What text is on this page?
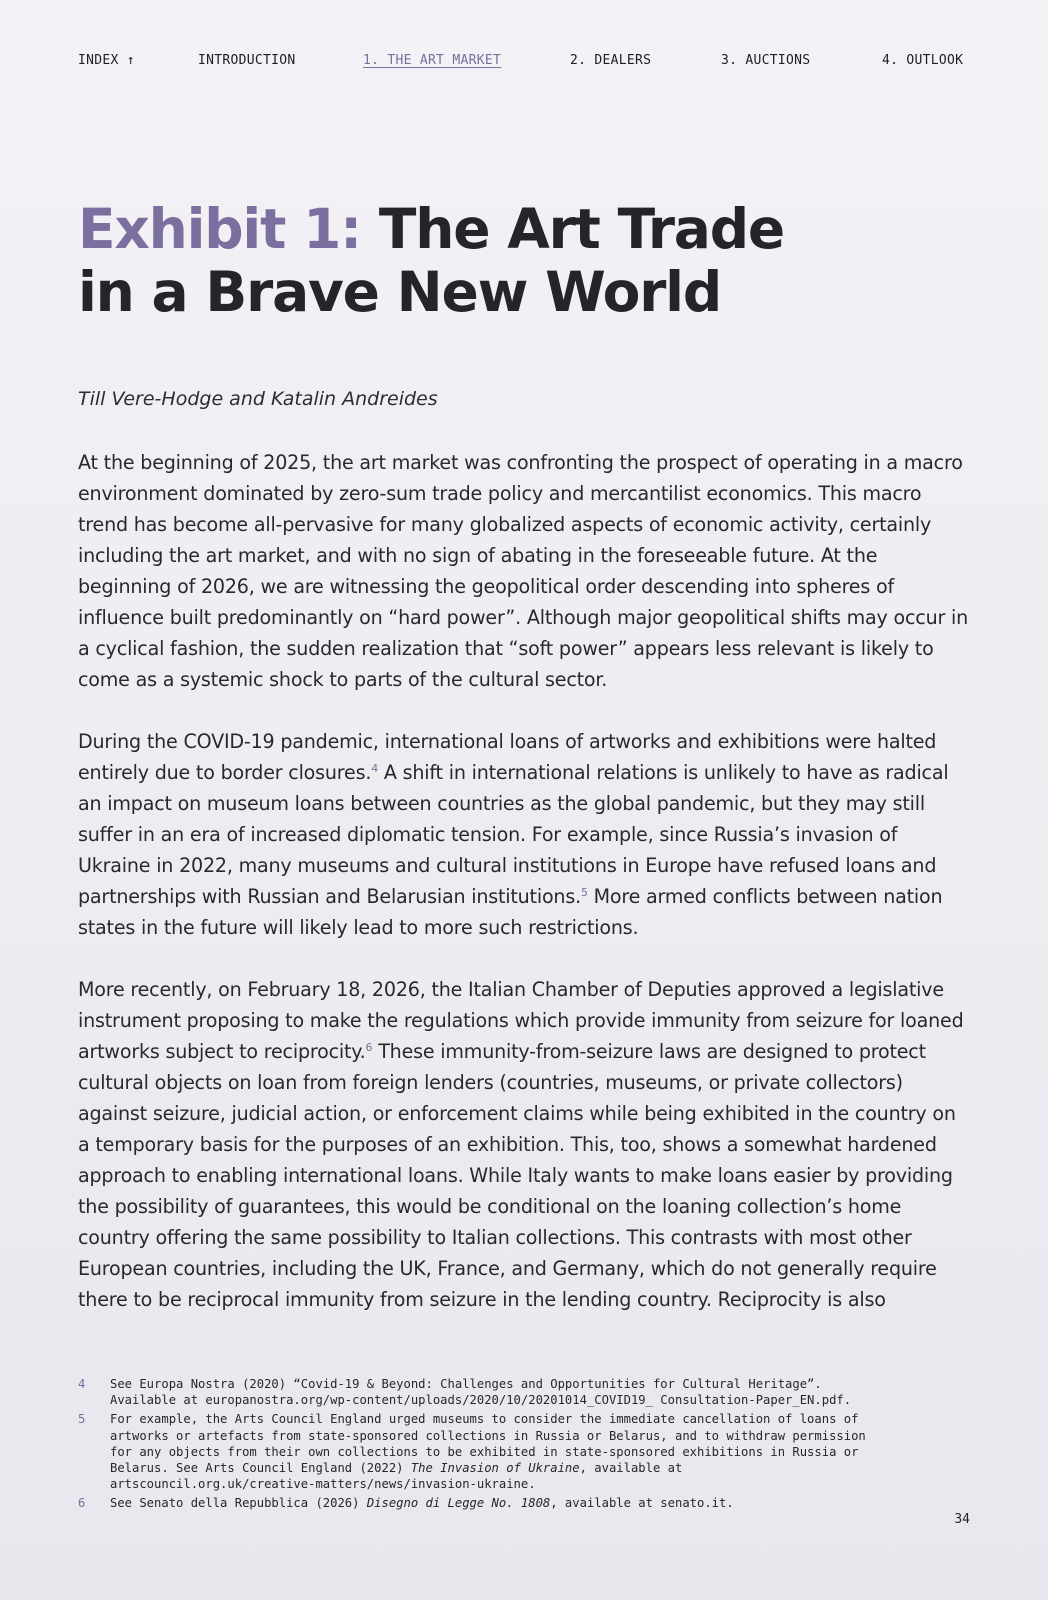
INDEX ↑	INTRODUCTION	1. THE ART MARKET	2. DEALERS	3. AUCTIONS	4. OUTLOOK
Exhibit 1: The Art Trade
in a Brave New World

Till Vere-Hodge and Katalin Andreides

At the beginning of 2025, the art market was confronting the prospect of operating in a macro environment dominated by zero-sum trade policy and mercantilist economics. This macro trend has become all-pervasive for many globalized aspects of economic activity, certainly including the art market, and with no sign of abating in the foreseeable future. At the beginning of 2026, we are witnessing the geopolitical order descending into spheres of influence built predominantly on “hard power”. Although major geopolitical shifts may occur in a cyclical fashion, the sudden realization that “soft power” appears less relevant is likely to come as a systemic shock to parts of the cultural sector.

During the COVID-19 pandemic, international loans of artworks and exhibitions were halted entirely due to border closures.$^4$ A shift in international relations is unlikely to have as radical an impact on museum loans between countries as the global pandemic, but they may still suffer in an era of increased diplomatic tension. For example, since Russia’s invasion of Ukraine in 2022, many museums and cultural institutions in Europe have refused loans and partnerships with Russian and Belarusian institutions.$^5$ More armed conflicts between nation states in the future will likely lead to more such restrictions.

More recently, on February 18, 2026, the Italian Chamber of Deputies approved a legislative instrument proposing to make the regulations which provide immunity from seizure for loaned artworks subject to reciprocity.$^6$ These immunity-from-seizure laws are designed to protect cultural objects on loan from foreign lenders (countries, museums, or private collectors) against seizure, judicial action, or enforcement claims while being exhibited in the country on a temporary basis for the purposes of an exhibition. This, too, shows a somewhat hardened approach to enabling international loans. While Italy wants to make loans easier by providing the possibility of guarantees, this would be conditional on the loaning collection’s home country offering the same possibility to Italian collections. This contrasts with most other European countries, including the UK, France, and Germany, which do not generally require there to be reciprocal immunity from seizure in the lending country. Reciprocity is also

4	See Europa Nostra (2020) “Covid-19 & Beyond: Challenges and Opportunities for Cultural Heritage”. Available at europanostra.org/wp-content/uploads/2020/10/20201014_COVID19_ Consultation-Paper_EN.pdf.
5	For example, the Arts Council England urged museums to consider the immediate cancellation of loans of artworks or artefacts from state-sponsored collections in Russia or Belarus, and to withdraw permission for any objects from their own collections to be exhibited in state-sponsored exhibitions in Russia or Belarus. See Arts Council England (2022) The Invasion of Ukraine, available at artscouncil.org.uk/creative-matters/news/invasion-ukraine.
6	See Senato della Repubblica (2026) Disegno di Legge No. 1808, available at senato.it.
34
